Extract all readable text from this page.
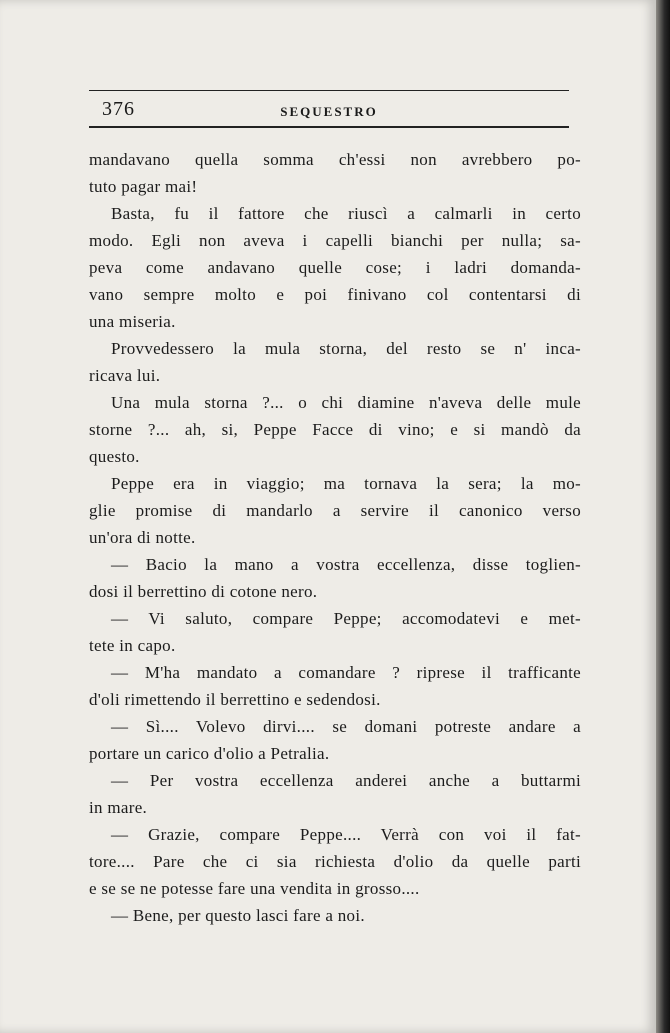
376	SEQUESTRO
mandavano quella somma ch'essi non avrebbero po-
tuto pagar mai!
Basta, fu il fattore che riuscì a calmarli in certo
modo. Egli non aveva i capelli bianchi per nulla; sa-
peva come andavano quelle cose; i ladri domanda-
vano sempre molto e poi finivano col contentarsi di
una miseria.
Provvedessero la mula storna, del resto se n' inca-
ricava lui.
Una mula storna ?... o chi diamine n'aveva delle mule
storne ?... ah, si, Peppe Facce di vino; e si mandò da
questo.
Peppe era in viaggio; ma tornava la sera; la mo-
glie promise di mandarlo a servire il canonico verso
un'ora di notte.
— Bacio la mano a vostra eccellenza, disse toglien-
dosi il berrettino di cotone nero.
— Vi saluto, compare Peppe; accomodatevi e met-
tete in capo.
— M'ha mandato a comandare ? riprese il trafficante
d'oli rimettendo il berrettino e sedendosi.
— Sì.... Volevo dirvi.... se domani potreste andare a
portare un carico d'olio a Petralia.
— Per vostra eccellenza anderei anche a buttarmi
in mare.
— Grazie, compare Peppe.... Verrà con voi il fat-
tore.... Pare che ci sia richiesta d'olio da quelle parti
e se se ne potesse fare una vendita in grosso....
— Bene, per questo lasci fare a noi.
